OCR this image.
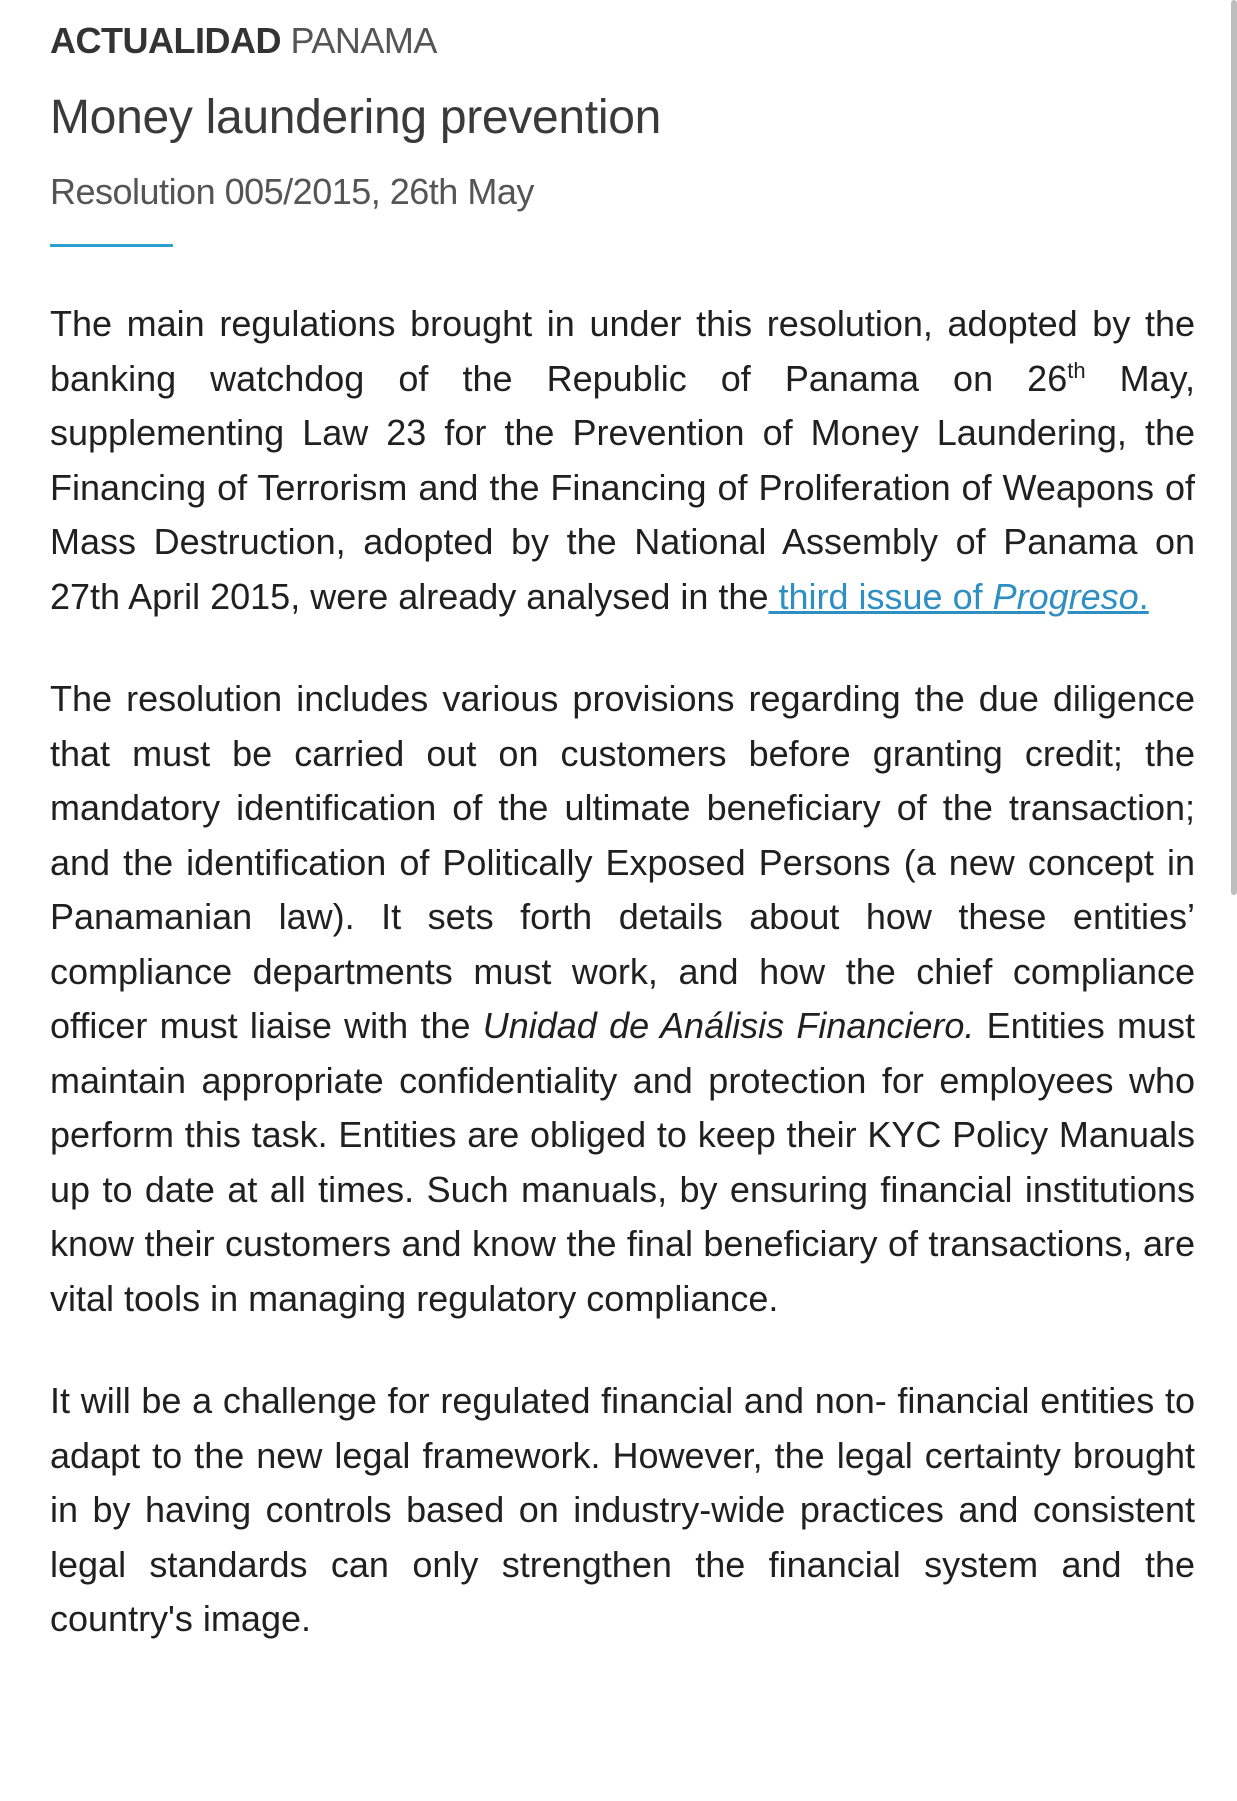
ACTUALIDAD PANAMA

Money laundering prevention

Resolution 005/2015, 26th May

The main regulations brought in under this resolution, adopted by the banking watchdog of the Republic of Panama on 26th May, supplementing Law 23 for the Prevention of Money Laundering, the Financing of Terrorism and the Financing of Proliferation of Weapons of Mass Destruction, adopted by the National Assembly of Panama on 27th April 2015, were already analysed in the third issue of Progreso.

The resolution includes various provisions regarding the due diligence that must be carried out on customers before granting credit; the mandatory identification of the ultimate beneficiary of the transaction; and the identification of Politically Exposed Persons (a new concept in Panamanian law). It sets forth details about how these entities’ compliance departments must work, and how the chief compliance officer must liaise with the Unidad de Análisis Financiero. Entities must maintain appropriate confidentiality and protection for employees who perform this task. Entities are obliged to keep their KYC Policy Manuals up to date at all times. Such manuals, by ensuring financial institutions know their customers and know the final beneficiary of transactions, are vital tools in managing regulatory compliance.

It will be a challenge for regulated financial and non- financial entities to adapt to the new legal framework. However, the legal certainty brought in by having controls based on industry-wide practices and consistent legal standards can only strengthen the financial system and the country's image.
